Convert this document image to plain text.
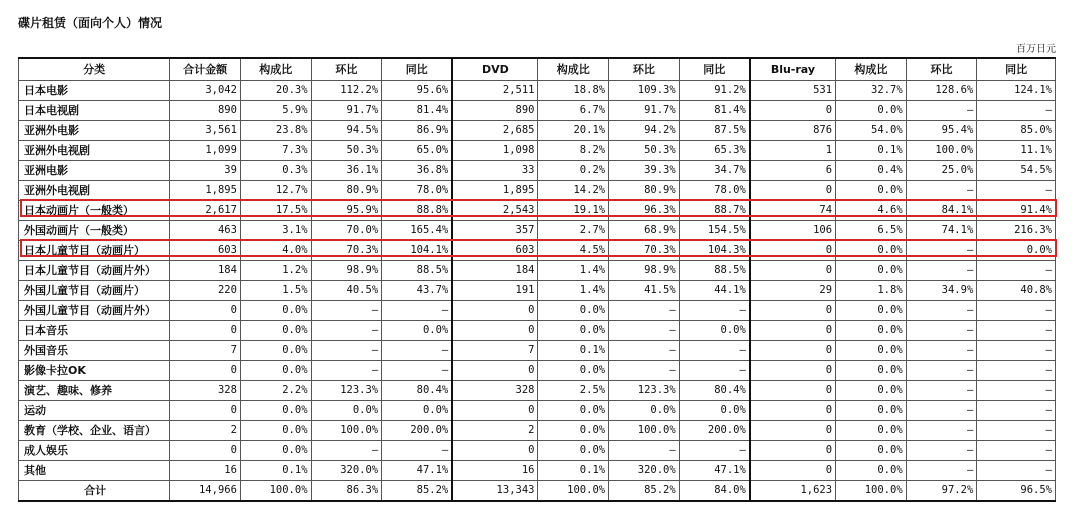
碟片租赁（面向个人）情况
百万日元
分类	合计金额	构成比	环比	同比	DVD	构成比	环比	同比	Blu-ray	构成比	环比	同比
日本电影	3,042	20.3%	112.2%	95.6%	2,511	18.8%	109.3%	91.2%	531	32.7%	128.6%	124.1%
日本电视剧	890	5.9%	91.7%	81.4%	890	6.7%	91.7%	81.4%	0	0.0%	—	—
亚洲外电影	3,561	23.8%	94.5%	86.9%	2,685	20.1%	94.2%	87.5%	876	54.0%	95.4%	85.0%
亚洲外电视剧	1,099	7.3%	50.3%	65.0%	1,098	8.2%	50.3%	65.3%	1	0.1%	100.0%	11.1%
亚洲电影	39	0.3%	36.1%	36.8%	33	0.2%	39.3%	34.7%	6	0.4%	25.0%	54.5%
亚洲外电视剧	1,895	12.7%	80.9%	78.0%	1,895	14.2%	80.9%	78.0%	0	0.0%	—	—
日本动画片（一般类）	2,617	17.5%	95.9%	88.8%	2,543	19.1%	96.3%	88.7%	74	4.6%	84.1%	91.4%
外国动画片（一般类）	463	3.1%	70.0%	165.4%	357	2.7%	68.9%	154.5%	106	6.5%	74.1%	216.3%
日本儿童节目（动画片）	603	4.0%	70.3%	104.1%	603	4.5%	70.3%	104.3%	0	0.0%	—	0.0%
日本儿童节目（动画片外）	184	1.2%	98.9%	88.5%	184	1.4%	98.9%	88.5%	0	0.0%	—	—
外国儿童节目（动画片）	220	1.5%	40.5%	43.7%	191	1.4%	41.5%	44.1%	29	1.8%	34.9%	40.8%
外国儿童节目（动画片外）	0	0.0%	—	—	0	0.0%	—	—	0	0.0%	—	—
日本音乐	0	0.0%	—	0.0%	0	0.0%	—	0.0%	0	0.0%	—	—
外国音乐	7	0.0%	—	—	7	0.1%	—	—	0	0.0%	—	—
影像卡拉OK	0	0.0%	—	—	0	0.0%	—	—	0	0.0%	—	—
演艺、趣味、修养	328	2.2%	123.3%	80.4%	328	2.5%	123.3%	80.4%	0	0.0%	—	—
运动	0	0.0%	0.0%	0.0%	0	0.0%	0.0%	0.0%	0	0.0%	—	—
教育（学校、企业、语言）	2	0.0%	100.0%	200.0%	2	0.0%	100.0%	200.0%	0	0.0%	—	—
成人娱乐	0	0.0%	—	—	0	0.0%	—	—	0	0.0%	—	—
其他	16	0.1%	320.0%	47.1%	16	0.1%	320.0%	47.1%	0	0.0%	—	—
合计	14,966	100.0%	86.3%	85.2%	13,343	100.0%	85.2%	84.0%	1,623	100.0%	97.2%	96.5%
